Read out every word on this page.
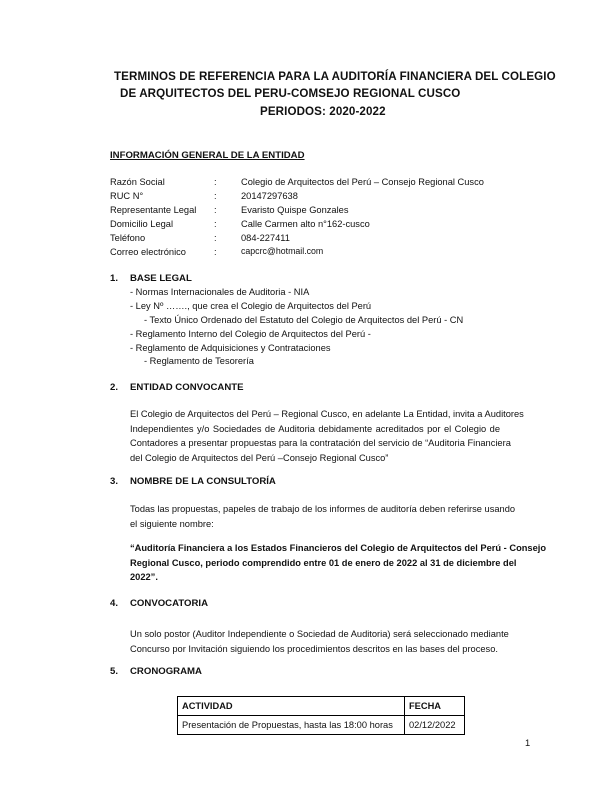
TERMINOS DE REFERENCIA PARA LA AUDITORÍA FINANCIERA DEL COLEGIO
DE ARQUITECTOS DEL PERU-COMSEJO REGIONAL CUSCO
PERIODOS: 2020-2022
INFORMACIÓN GENERAL DE LA ENTIDAD
Razón Social	:	Colegio de Arquitectos del Perú – Consejo Regional Cusco
RUC N°	:	20147297638
Representante Legal :	Evaristo Quispe Gonzales
Domicilio Legal	:	Calle Carmen alto n°162-cusco
Teléfono	:	084-227411
Correo electrónico	:	capcrc@hotmail.com
1. BASE LEGAL
- Normas Internacionales de Auditoria - NIA
- Ley Nº ……., que crea el Colegio de Arquitectos del Perú
- Texto Único Ordenado del Estatuto del Colegio de Arquitectos del Perú - CN
- Reglamento Interno del Colegio de Arquitectos del Perú -
- Reglamento de Adquisiciones y Contrataciones
- Reglamento de Tesorería
2. ENTIDAD CONVOCANTE
El Colegio de Arquitectos del Perú – Regional Cusco, en adelante La Entidad, invita a Auditores
Independientes y/o Sociedades de Auditoria debidamente acreditados por el Colegio de
Contadores a presentar propuestas para la contratación del servicio de “Auditoria Financiera
del Colegio de Arquitectos del Perú –Consejo Regional Cusco”
3. NOMBRE DE LA CONSULTORÍA
Todas las propuestas, papeles de trabajo de los informes de auditoría deben referirse usando
el siguiente nombre:
“Auditoría Financiera a los Estados Financieros del Colegio de Arquitectos del Perú - Consejo
Regional Cusco, periodo comprendido entre 01 de enero de 2022 al 31 de diciembre del
2022”.
4. CONVOCATORIA
Un solo postor (Auditor Independiente o Sociedad de Auditoria) será seleccionado mediante
Concurso por Invitación siguiendo los procedimientos descritos en las bases del proceso.
5. CRONOGRAMA
ACTIVIDAD	FECHA
Presentación de Propuestas, hasta las 18:00 horas	02/12/2022
1
